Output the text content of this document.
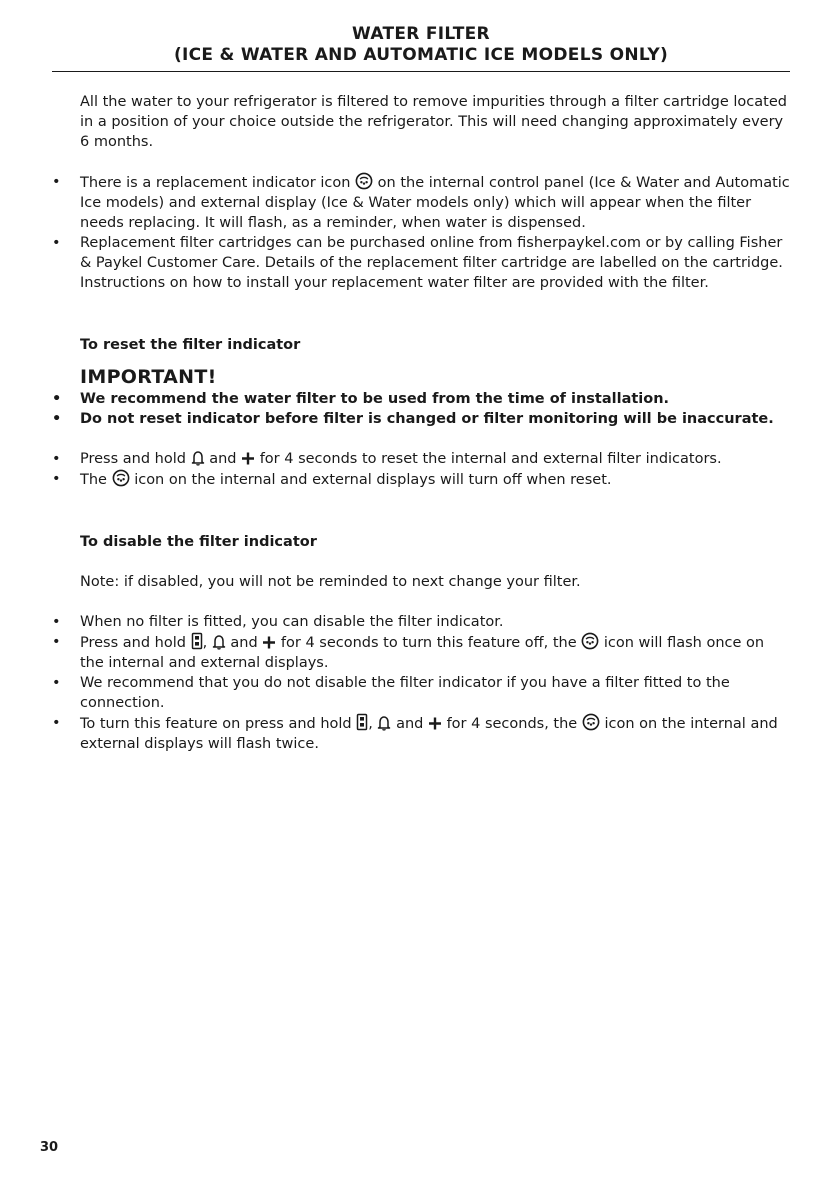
WATER FILTER
(ICE & WATER AND AUTOMATIC ICE MODELS ONLY)

All the water to your refrigerator is filtered to remove impurities through a filter cartridge located in a position of your choice outside the refrigerator. This will need changing approximately every 6 months.

• There is a replacement indicator icon on the internal control panel (Ice & Water and Automatic Ice models) and external display (Ice & Water models only) which will appear when the filter needs replacing. It will flash, as a reminder, when water is dispensed.
• Replacement filter cartridges can be purchased online from fisherpaykel.com or by calling Fisher & Paykel Customer Care. Details of the replacement filter cartridge are labelled on the cartridge. Instructions on how to install your replacement water filter are provided with the filter.
To reset the filter indicator
IMPORTANT!
• We recommend the water filter to be used from the time of installation.
• Do not reset indicator before filter is changed or filter monitoring will be inaccurate.
• Press and hold and for 4 seconds to reset the internal and external filter indicators.
• The icon on the internal and external displays will turn off when reset.
To disable the filter indicator

Note: if disabled, you will not be reminded to next change your filter.

• When no filter is fitted, you can disable the filter indicator.
• Press and hold , and for 4 seconds to turn this feature off, the icon will flash once on the internal and external displays.
• We recommend that you do not disable the filter indicator if you have a filter fitted to the connection.
• To turn this feature on press and hold , and for 4 seconds, the icon on the internal and external displays will flash twice.
30
